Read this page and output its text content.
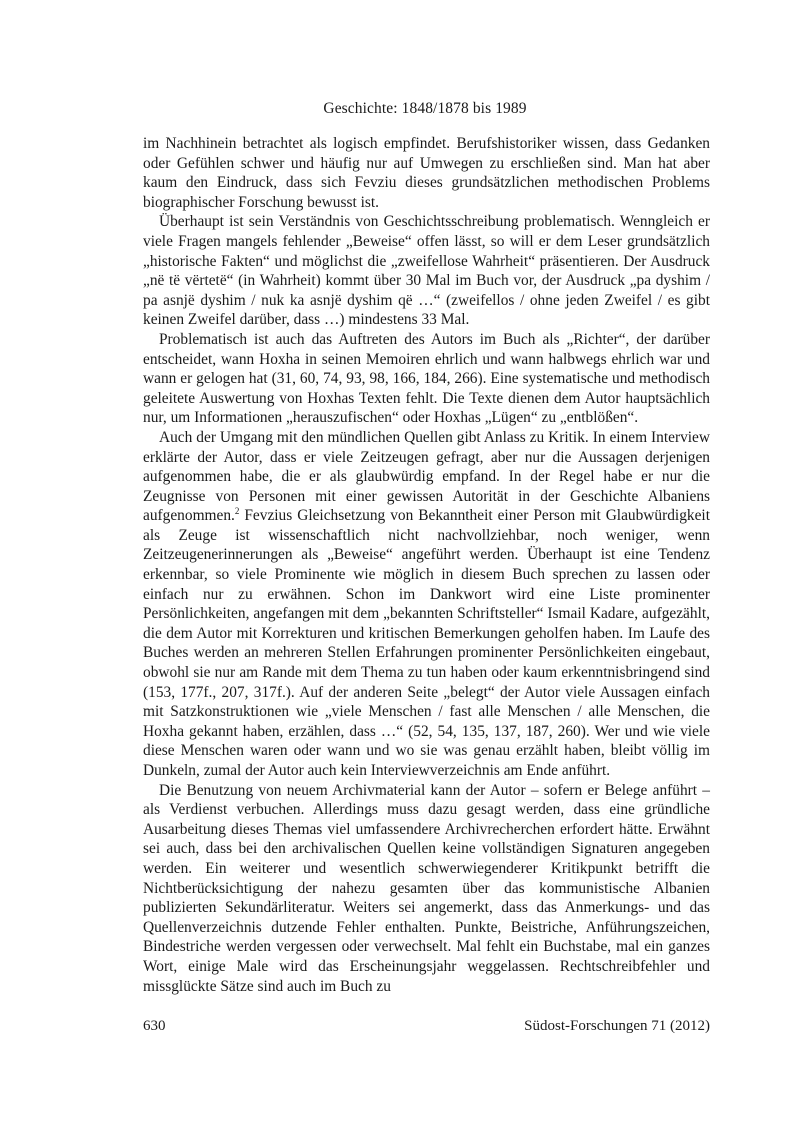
Geschichte: 1848/1878 bis 1989

im Nachhinein betrachtet als logisch empfindet. Berufshistoriker wissen, dass Gedanken oder Gefühlen schwer und häufig nur auf Umwegen zu erschließen sind. Man hat aber kaum den Eindruck, dass sich Fevziu dieses grundsätzlichen methodischen Problems biographischer Forschung bewusst ist.

Überhaupt ist sein Verständnis von Geschichtsschreibung problematisch. Wenngleich er viele Fragen mangels fehlender „Beweise“ offen lässt, so will er dem Leser grundsätzlich „historische Fakten“ und möglichst die „zweifellose Wahrheit“ präsentieren. Der Ausdruck „në të vërtetë“ (in Wahrheit) kommt über 30 Mal im Buch vor, der Ausdruck „pa dyshim / pa asnjë dyshim / nuk ka asnjë dyshim që …“ (zweifellos / ohne jeden Zweifel / es gibt keinen Zweifel darüber, dass …) mindestens 33 Mal.

Problematisch ist auch das Auftreten des Autors im Buch als „Richter“, der darüber entscheidet, wann Hoxha in seinen Memoiren ehrlich und wann halbwegs ehrlich war und wann er gelogen hat (31, 60, 74, 93, 98, 166, 184, 266). Eine systematische und methodisch geleitete Auswertung von Hoxhas Texten fehlt. Die Texte dienen dem Autor hauptsächlich nur, um Informationen „herauszufischen“ oder Hoxhas „Lügen“ zu „entblößen“.

Auch der Umgang mit den mündlichen Quellen gibt Anlass zu Kritik. In einem Interview erklärte der Autor, dass er viele Zeitzeugen gefragt, aber nur die Aussagen derjenigen aufgenommen habe, die er als glaubwürdig empfand. In der Regel habe er nur die Zeugnisse von Personen mit einer gewissen Autorität in der Geschichte Albaniens aufgenommen.$^2$ Fevzius Gleichsetzung von Bekanntheit einer Person mit Glaubwürdigkeit als Zeuge ist wissenschaftlich nicht nachvollziehbar, noch weniger, wenn Zeitzeugenerinnerungen als „Beweise“ angeführt werden. Überhaupt ist eine Tendenz erkennbar, so viele Prominente wie möglich in diesem Buch sprechen zu lassen oder einfach nur zu erwähnen. Schon im Dankwort wird eine Liste prominenter Persönlichkeiten, angefangen mit dem „bekannten Schriftsteller“ Ismail Kadare, aufgezählt, die dem Autor mit Korrekturen und kritischen Bemerkungen geholfen haben. Im Laufe des Buches werden an mehreren Stellen Erfahrungen prominenter Persönlichkeiten eingebaut, obwohl sie nur am Rande mit dem Thema zu tun haben oder kaum erkenntnisbringend sind (153, 177f., 207, 317f.). Auf der anderen Seite „belegt“ der Autor viele Aussagen einfach mit Satzkonstruktionen wie „viele Menschen / fast alle Menschen / alle Menschen, die Hoxha gekannt haben, erzählen, dass …“ (52, 54, 135, 137, 187, 260). Wer und wie viele diese Menschen waren oder wann und wo sie was genau erzählt haben, bleibt völlig im Dunkeln, zumal der Autor auch kein Interviewverzeichnis am Ende anführt.

Die Benutzung von neuem Archivmaterial kann der Autor – sofern er Belege anführt – als Verdienst verbuchen. Allerdings muss dazu gesagt werden, dass eine gründliche Ausarbeitung dieses Themas viel umfassendere Archivrecherchen erfordert hätte. Erwähnt sei auch, dass bei den archivalischen Quellen keine vollständigen Signaturen angegeben werden. Ein weiterer und wesentlich schwerwiegenderer Kritikpunkt betrifft die Nichtberücksichtigung der nahezu gesamten über das kommunistische Albanien publizierten Sekundärliteratur. Weiters sei angemerkt, dass das Anmerkungs- und das Quellenverzeichnis dutzende Fehler enthalten. Punkte, Beistriche, Anführungszeichen, Bindestriche werden vergessen oder verwechselt. Mal fehlt ein Buchstabe, mal ein ganzes Wort, einige Male wird das Erscheinungsjahr weggelassen. Rechtschreibfehler und missglückte Sätze sind auch im Buch zu

630	Südost-Forschungen 71 (2012)
